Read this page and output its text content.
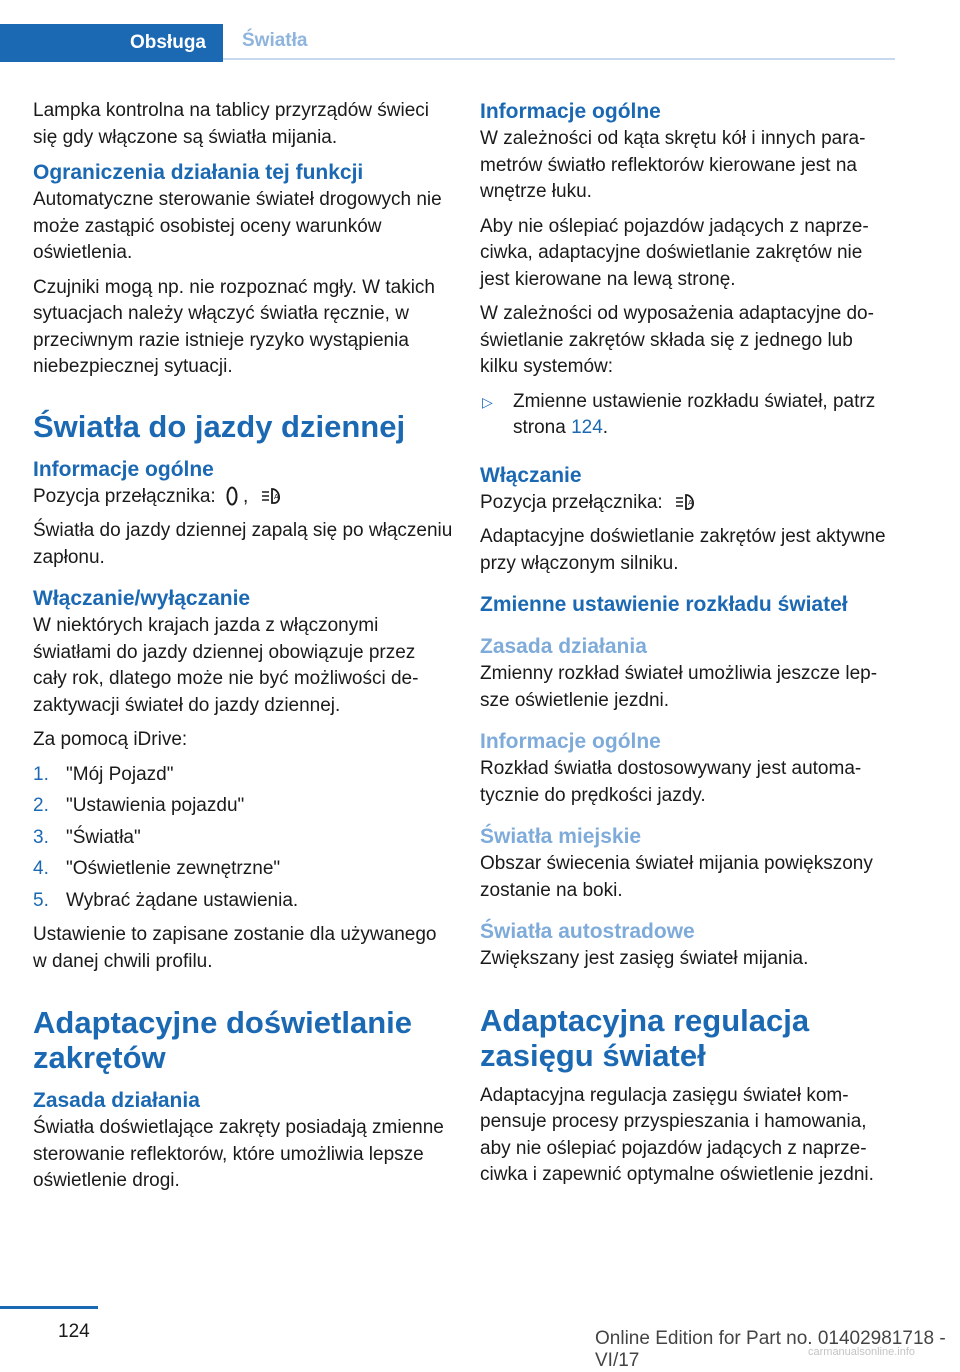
Obsługa	Światła

Lampka kontrolna na tablicy przyrządów świeci się gdy włączone są światła mijania.

Ograniczenia działania tej funkcji

Automatyczne sterowanie świateł drogowych nie może zastąpić osobistej oceny warunków oświetlenia.

Czujniki mogą np. nie rozpoznać mgły. W takich sytuacjach należy włączyć światła ręcznie, w przeciwnym razie istnieje ryzyko wystąpienia niebezpiecznej sytuacji.

Światła do jazdy dziennej
Informacje ogólne

Pozycja przełącznika: ,	A

Światła do jazdy dziennej zapalą się po włączeniu zapłonu.

Włączanie/wyłączanie

W niektórych krajach jazda z włączonymi światłami do jazdy dziennej obowiązuje przez cały rok, dlatego może nie być możliwości dezaktywacji świateł do jazdy dziennej.

Za pomocą iDrive:

1. "Mój Pojazd"
2. "Ustawienia pojazdu"
3. "Światła"
4. "Oświetlenie zewnętrzne"
5. Wybrać żądane ustawienia.

Ustawienie to zapisane zostanie dla używanego w danej chwili profilu.

Adaptacyjne doświetlanie zakrętów
Zasada działania

Światła doświetlające zakręty posiadają zmienne sterowanie reflektorów, które umożliwia lepsze oświetlenie drogi.

Informacje ogólne

W zależności od kąta skrętu kół i innych parametrów światło reflektorów kierowane jest na wnętrze łuku.

Aby nie oślepiać pojazdów jadących z naprzeciwka, adaptacyjne doświetlanie zakrętów nie jest kierowane na lewą stronę.

W zależności od wyposażenia adaptacyjne doświetlanie zakrętów składa się z jednego lub kilku systemów:

▷ Zmienne ustawienie rozkładu świateł, patrz strona 124.
Włączanie

Pozycja przełącznika:	A

Adaptacyjne doświetlanie zakrętów jest aktywne przy włączonym silniku.

Zmienne ustawienie rozkładu świateł
Zasada działania

Zmienny rozkład świateł umożliwia jeszcze lepsze oświetlenie jezdni.

Informacje ogólne

Rozkład światła dostosowywany jest automatycznie do prędkości jazdy.

Światła miejskie

Obszar świecenia świateł mijania powiększony zostanie na boki.

Światła autostradowe

Zwiększany jest zasięg świateł mijania.

Adaptacyjna regulacja zasięgu świateł

Adaptacyjna regulacja zasięgu świateł kompensuje procesy przyspieszania i hamowania, aby nie oślepiać pojazdów jadących z naprzeciwka i zapewnić optymalne oświetlenie jezdni.

124	Online Edition for Part no. 01402981718 - VI/17	carmanualsonline.info
